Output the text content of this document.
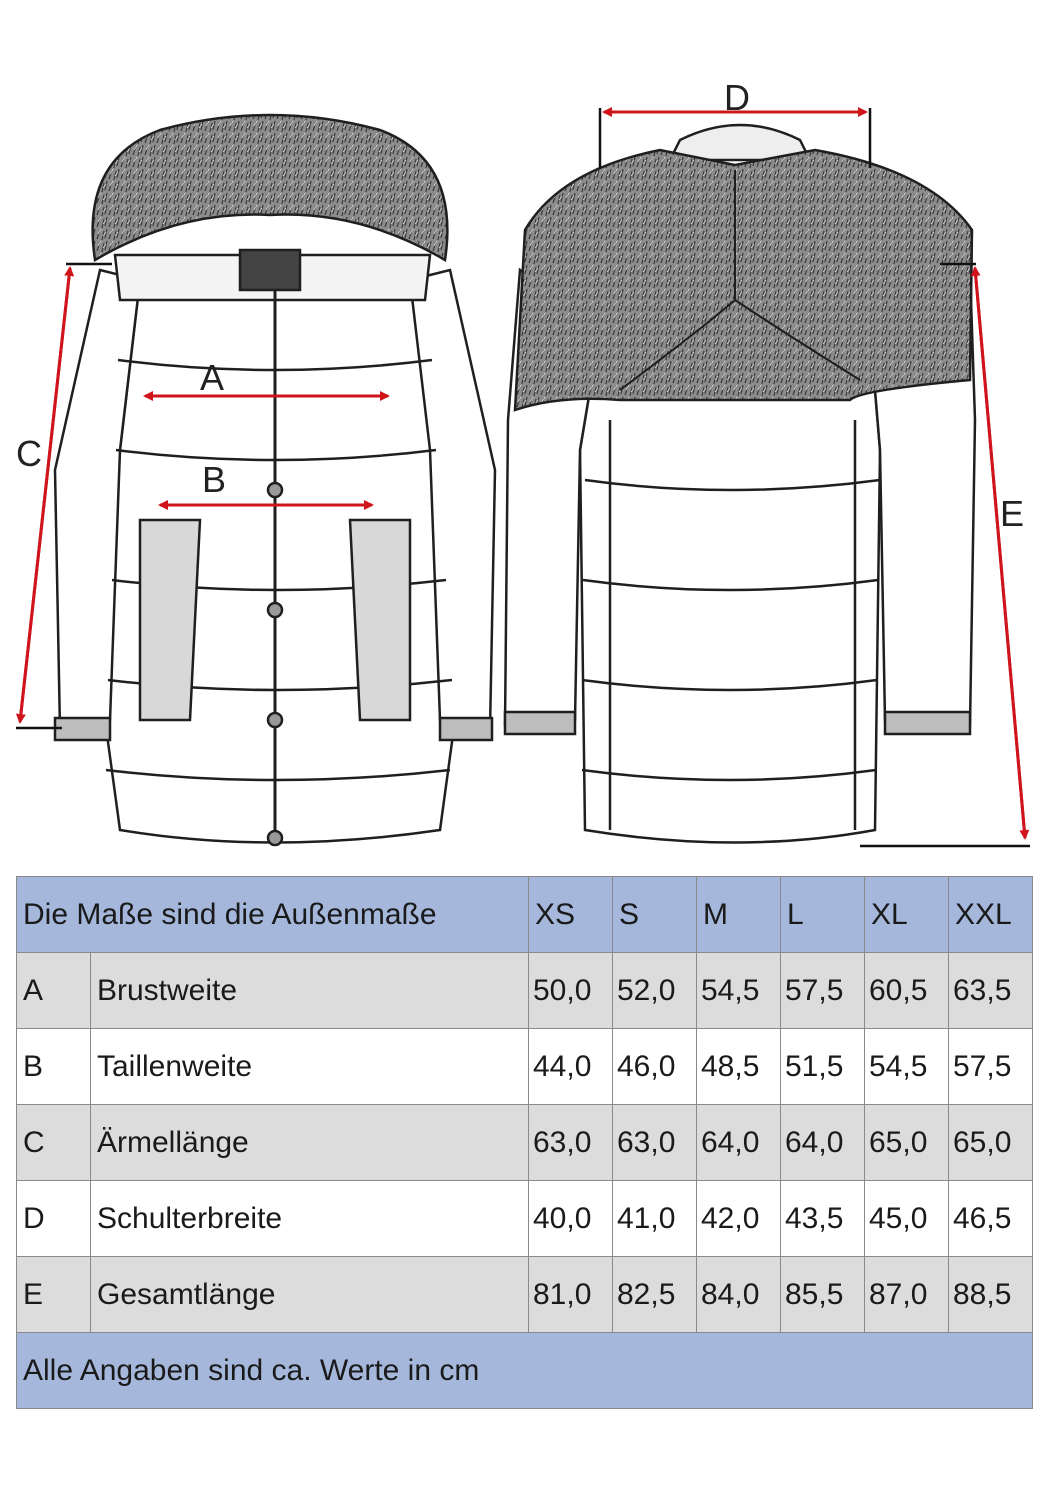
A
B
C
D
E
Die Maße sind die Außenmaße		XS	S	M	L	XL	XXL
A	Brustweite	50,0	52,0	54,5	57,5	60,5	63,5
B	Taillenweite	44,0	46,0	48,5	51,5	54,5	57,5
C	Ärmellänge	63,0	63,0	64,0	64,0	65,0	65,0
D	Schulterbreite	40,0	41,0	42,0	43,5	45,0	46,5
E	Gesamtlänge	81,0	82,5	84,0	85,5	87,0	88,5
Alle Angaben sind ca. Werte in cm							
